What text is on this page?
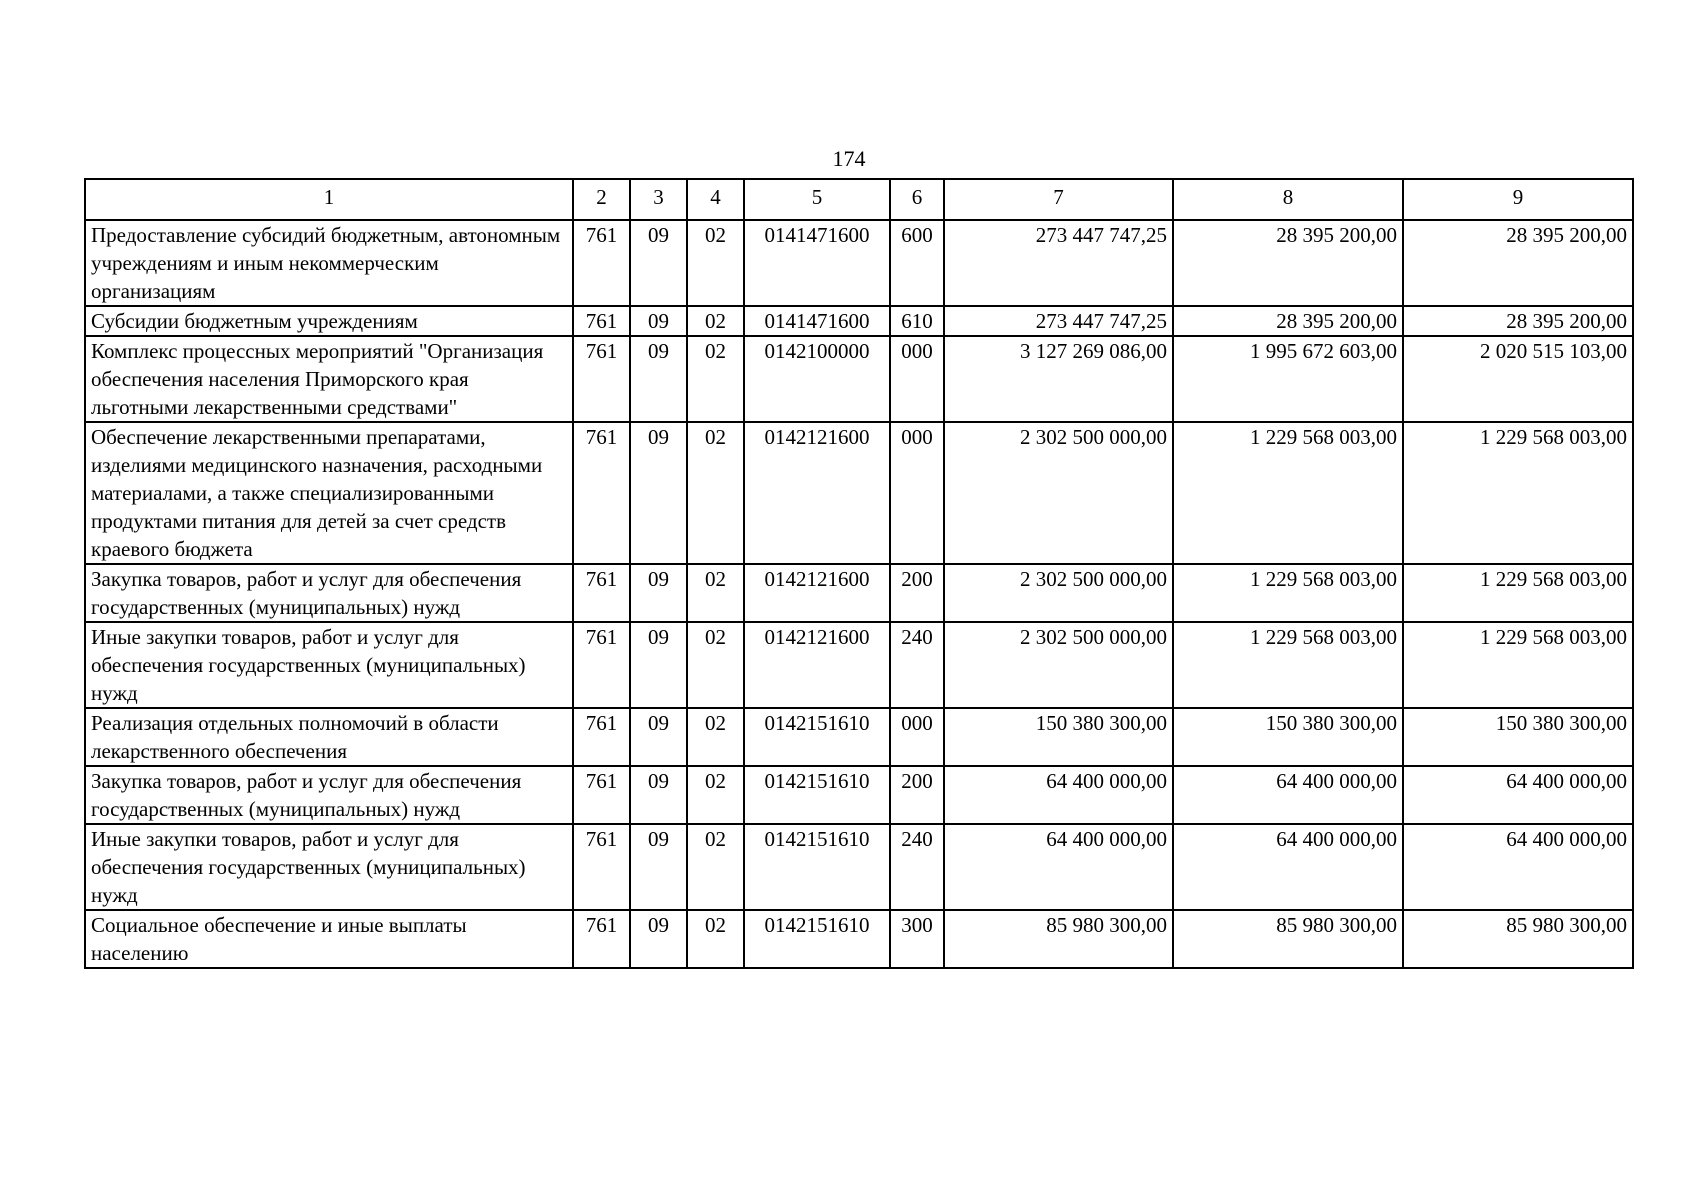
174
1	2	3	4	5	6	7	8	9
Предоставление субсидий бюджетным, автономным учреждениям и иным некоммерческим организациям	761	09	02	0141471600	600	273 447 747,25	28 395 200,00	28 395 200,00
Субсидии бюджетным учреждениям	761	09	02	0141471600	610	273 447 747,25	28 395 200,00	28 395 200,00
Комплекс процессных мероприятий "Организация обеспечения населения Приморского края льготными лекарственными средствами"	761	09	02	0142100000	000	3 127 269 086,00	1 995 672 603,00	2 020 515 103,00
Обеспечение лекарственными препаратами, изделиями медицинского назначения, расходными материалами, а также специализированными продуктами питания для детей за счет средств краевого бюджета	761	09	02	0142121600	000	2 302 500 000,00	1 229 568 003,00	1 229 568 003,00
Закупка товаров, работ и услуг для обеспечения государственных (муниципальных) нужд	761	09	02	0142121600	200	2 302 500 000,00	1 229 568 003,00	1 229 568 003,00
Иные закупки товаров, работ и услуг для обеспечения государственных (муниципальных) нужд	761	09	02	0142121600	240	2 302 500 000,00	1 229 568 003,00	1 229 568 003,00
Реализация отдельных полномочий в области лекарственного обеспечения	761	09	02	0142151610	000	150 380 300,00	150 380 300,00	150 380 300,00
Закупка товаров, работ и услуг для обеспечения государственных (муниципальных) нужд	761	09	02	0142151610	200	64 400 000,00	64 400 000,00	64 400 000,00
Иные закупки товаров, работ и услуг для обеспечения государственных (муниципальных) нужд	761	09	02	0142151610	240	64 400 000,00	64 400 000,00	64 400 000,00
Социальное обеспечение и иные выплаты населению	761	09	02	0142151610	300	85 980 300,00	85 980 300,00	85 980 300,00
